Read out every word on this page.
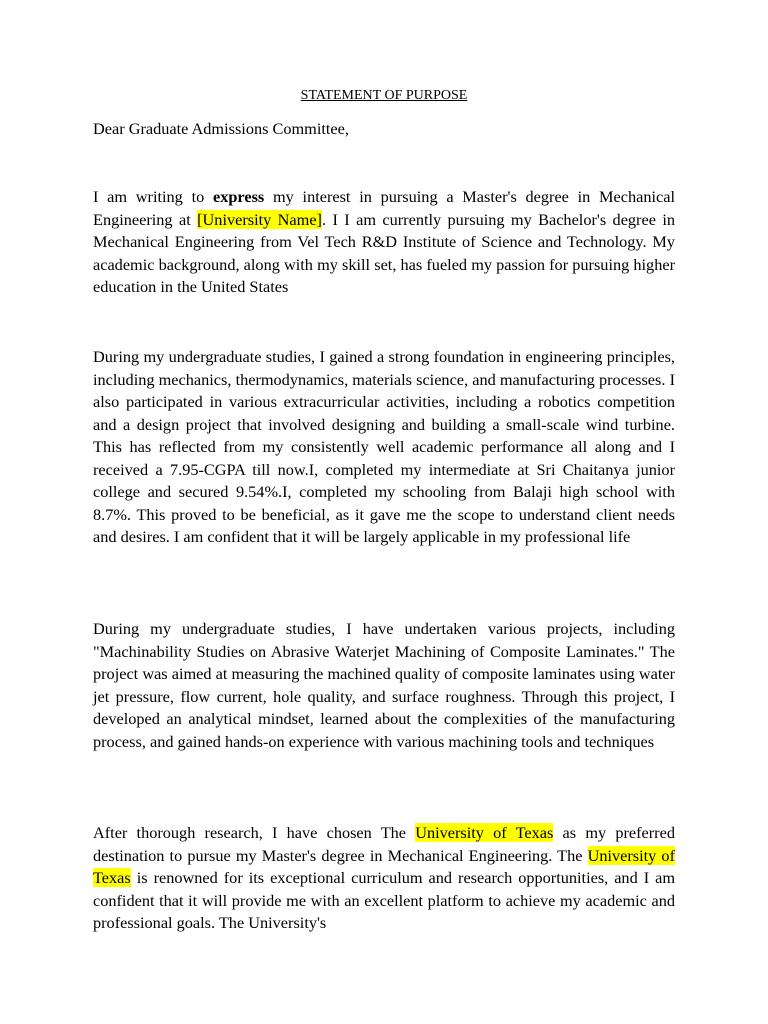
STATEMENT OF PURPOSE
Dear Graduate Admissions Committee,

I am writing to express my interest in pursuing a Master's degree in Mechanical Engineering at [University Name]. I I am currently pursuing my Bachelor's degree in Mechanical Engineering from Vel Tech R&D Institute of Science and Technology. My academic background, along with my skill set, has fueled my passion for pursuing higher education in the United States

During my undergraduate studies, I gained a strong foundation in engineering principles, including mechanics, thermodynamics, materials science, and manufacturing processes. I also participated in various extracurricular activities, including a robotics competition and a design project that involved designing and building a small-scale wind turbine. This has reflected from my consistently well academic performance all along and I received a 7.95-CGPA till now.I, completed my intermediate at Sri Chaitanya junior college and secured 9.54%.I, completed my schooling from Balaji high school with 8.7%. This proved to be beneficial, as it gave me the scope to understand client needs and desires. I am confident that it will be largely applicable in my professional life

During my undergraduate studies, I have undertaken various projects, including "Machinability Studies on Abrasive Waterjet Machining of Composite Laminates." The project was aimed at measuring the machined quality of composite laminates using water jet pressure, flow current, hole quality, and surface roughness. Through this project, I developed an analytical mindset, learned about the complexities of the manufacturing process, and gained hands-on experience with various machining tools and techniques

After thorough research, I have chosen The University of Texas as my preferred destination to pursue my Master's degree in Mechanical Engineering. The University of Texas is renowned for its exceptional curriculum and research opportunities, and I am confident that it will provide me with an excellent platform to achieve my academic and professional goals. The University's
